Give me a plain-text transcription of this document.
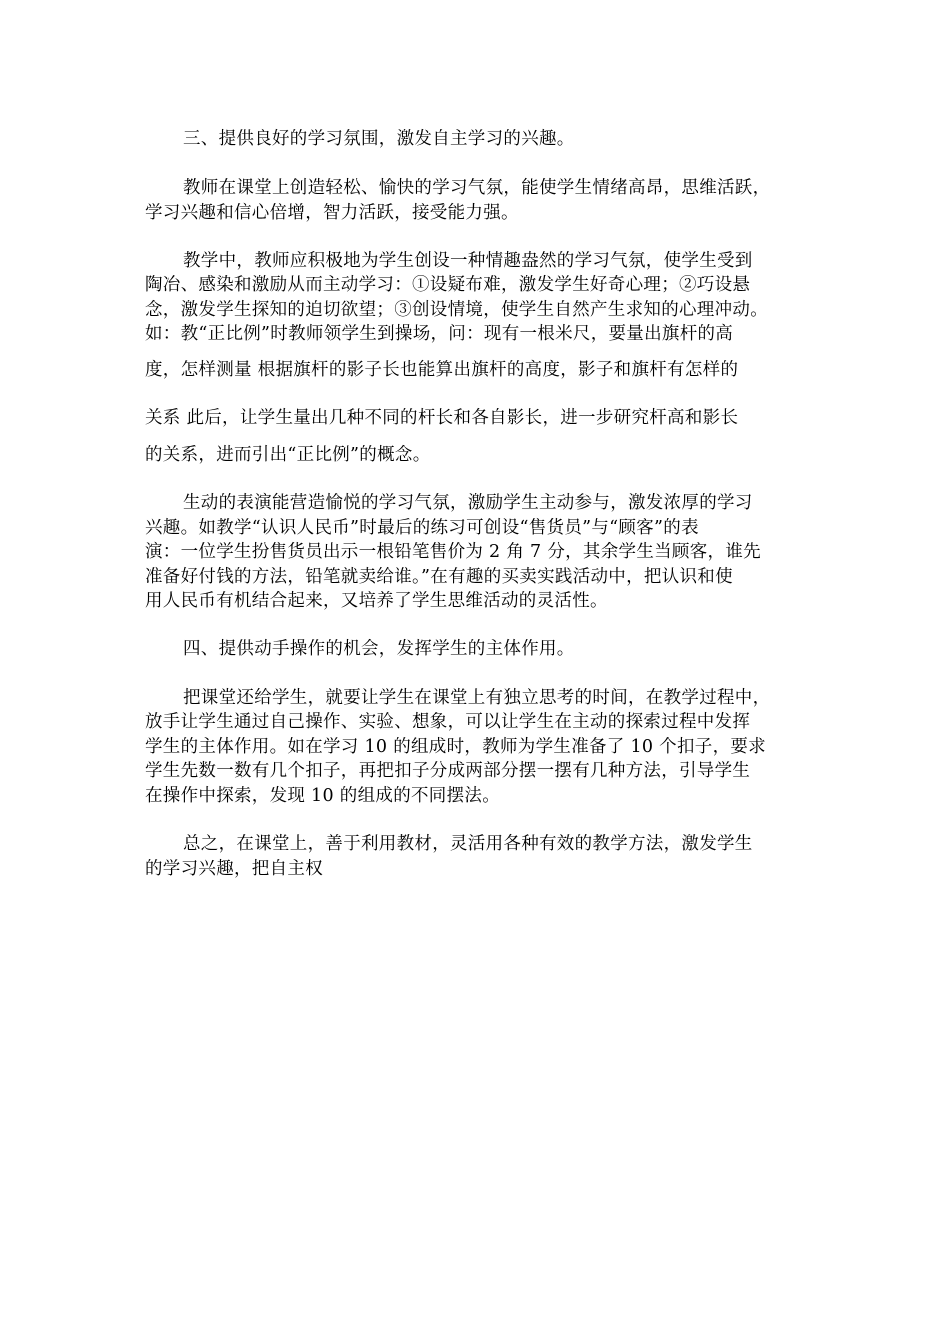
三、提供良好的学习氛围，激发自主学习的兴趣。
教师在课堂上创造轻松、愉快的学习气氛，能使学生情绪高昂，思维活跃，
学习兴趣和信心倍增，智力活跃，接受能力强。
教学中，教师应积极地为学生创设一种情趣盎然的学习气氛，使学生受到
陶冶、感染和激励从而主动学习：①设疑布难，激发学生好奇心理；②巧设悬
念，激发学生探知的迫切欲望；③创设情境，使学生自然产生求知的心理冲动。
如：教“正比例”时教师领学生到操场，问：现有一根米尺，要量出旗杆的高
度，怎样测量 根据旗杆的影子长也能算出旗杆的高度，影子和旗杆有怎样的
关系 此后，让学生量出几种不同的杆长和各自影长，进一步研究杆高和影长
的关系，进而引出“正比例”的概念。
生动的表演能营造愉悦的学习气氛，激励学生主动参与，激发浓厚的学习
兴趣。如教学“认识人民币”时最后的练习可创设“售货员”与“顾客”的表
演：一位学生扮售货员出示一根铅笔售价为 2 角 7 分，其余学生当顾客，谁先
准备好付钱的方法，铅笔就卖给谁。”在有趣的买卖实践活动中，把认识和使
用人民币有机结合起来，又培养了学生思维活动的灵活性。
四、提供动手操作的机会，发挥学生的主体作用。
把课堂还给学生，就要让学生在课堂上有独立思考的时间，在教学过程中，
放手让学生通过自己操作、实验、想象，可以让学生在主动的探索过程中发挥
学生的主体作用。如在学习 10 的组成时，教师为学生准备了 10 个扣子，要求
学生先数一数有几个扣子，再把扣子分成两部分摆一摆有几种方法，引导学生
在操作中探索，发现 10 的组成的不同摆法。
总之，在课堂上，善于利用教材，灵活用各种有效的教学方法，激发学生
的学习兴趣，把自主权
